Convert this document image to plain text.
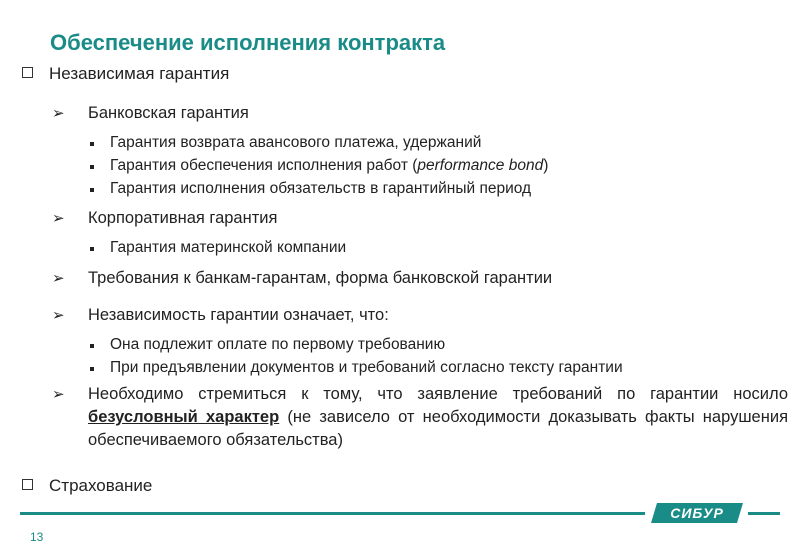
Обеспечение исполнения контракта
Независимая гарантия
➢ Банковская гарантия
Гарантия возврата авансового платежа, удержаний
Гарантия обеспечения исполнения работ (performance bond)
Гарантия исполнения обязательств в гарантийный период
➢ Корпоративная гарантия
Гарантия материнской компании
➢ Требования к банкам-гарантам, форма банковской гарантии
➢ Независимость гарантии означает, что:
Она подлежит оплате по первому требованию
При предъявлении документов и требований согласно тексту гарантии
➢ Необходимо стремиться к тому, что заявление требований по гарантии носило безусловный характер (не зависело от необходимости доказывать факты нарушения обеспечиваемого обязательства)
Страхование
СИБУР
13
